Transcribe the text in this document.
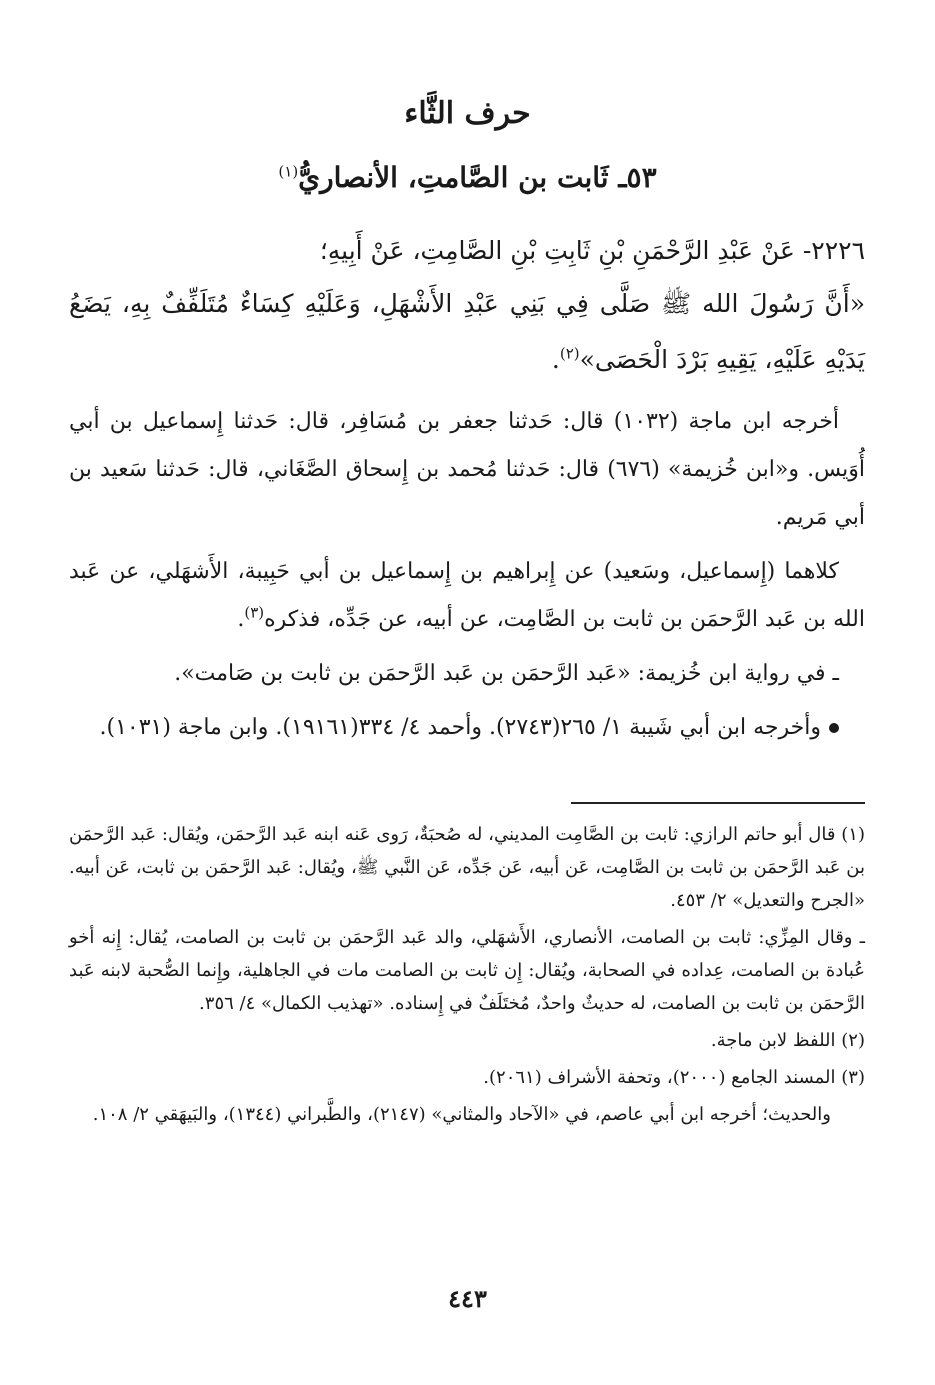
حرف الثَّاء
٥٣ـ ثَابت بن الصَّامتِ، الأنصاريُّ$^{(١)}$

٢٢٢٦- عَنْ عَبْدِ الرَّحْمَنِ بْنِ ثَابِتِ بْنِ الصَّامِتِ، عَنْ أَبِيهِ؛

«أَنَّ رَسُولَ الله ﷺ صَلَّى فِي بَنِي عَبْدِ الأَشْهَلِ، وَعَلَيْهِ كِسَاءٌ مُتَلَفِّفٌ بِهِ، يَضَعُ يَدَيْهِ عَلَيْهِ، يَقِيهِ بَرْدَ الْحَصَى»$^{(٢)}$.

أخرجه ابن ماجة (١٠٣٢) قال: حَدثنا جعفر بن مُسَافِر، قال: حَدثنا إِسماعيل بن أبي أُوَيس. و«ابن خُزيمة» (٦٧٦) قال: حَدثنا مُحمد بن إِسحاق الصَّغَاني، قال: حَدثنا سَعيد بن أبي مَريم.

كلاهما (إِسماعيل، وسَعيد) عن إِبراهيم بن إِسماعيل بن أبي حَبِيبة، الأَشهَلي، عن عَبد الله بن عَبد الرَّحمَن بن ثابت بن الصَّامِت، عن أبيه، عن جَدِّه، فذكره$^{(٣)}$.

ـ في رواية ابن خُزيمة: «عَبد الرَّحمَن بن عَبد الرَّحمَن بن ثابت بن صَامت».

وأخرجه ابن أبي شَيبة ١/ ٢٦٥(٢٧٤٣). وأحمد ٤/ ٣٣٤(١٩١٦١). وابن ماجة (١٠٣١).

(١) قال أبو حاتم الرازي: ثابت بن الصَّامِت المديني، له صُحبَةٌ، رَوى عَنه ابنه عَبد الرَّحمَن، ويُقال: عَبد الرَّحمَن بن عَبد الرَّحمَن بن ثابت بن الصَّامِت، عَن أبيه، عَن جَدِّه، عَن النَّبي ﷺ، ويُقال: عَبد الرَّحمَن بن ثابت، عَن أبيه. «الجرح والتعديل» ٢/ ٤٥٣.

ـ وقال المِزِّي: ثابت بن الصامت، الأنصاري، الأَشهَلي، والد عَبد الرَّحمَن بن ثابت بن الصامت، يُقال: إِنه أخو عُبادة بن الصامت، عِداده في الصحابة، ويُقال: إِن ثابت بن الصامت مات في الجاهلية، وإِنما الصُّحبة لابنه عَبد الرَّحمَن بن ثابت بن الصامت، له حديثٌ واحدٌ، مُختَلَفٌ في إِسناده. «تهذيب الكمال» ٤/ ٣٥٦.

(٢) اللفظ لابن ماجة.

(٣) المسند الجامع (٢٠٠٠)، وتحفة الأشراف (٢٠٦١).

والحديث؛ أخرجه ابن أبي عاصم، في «الآحاد والمثاني» (٢١٤٧)، والطَّبراني (١٣٤٤)، والبَيهَقي ٢/ ١٠٨.

٤٤٣
